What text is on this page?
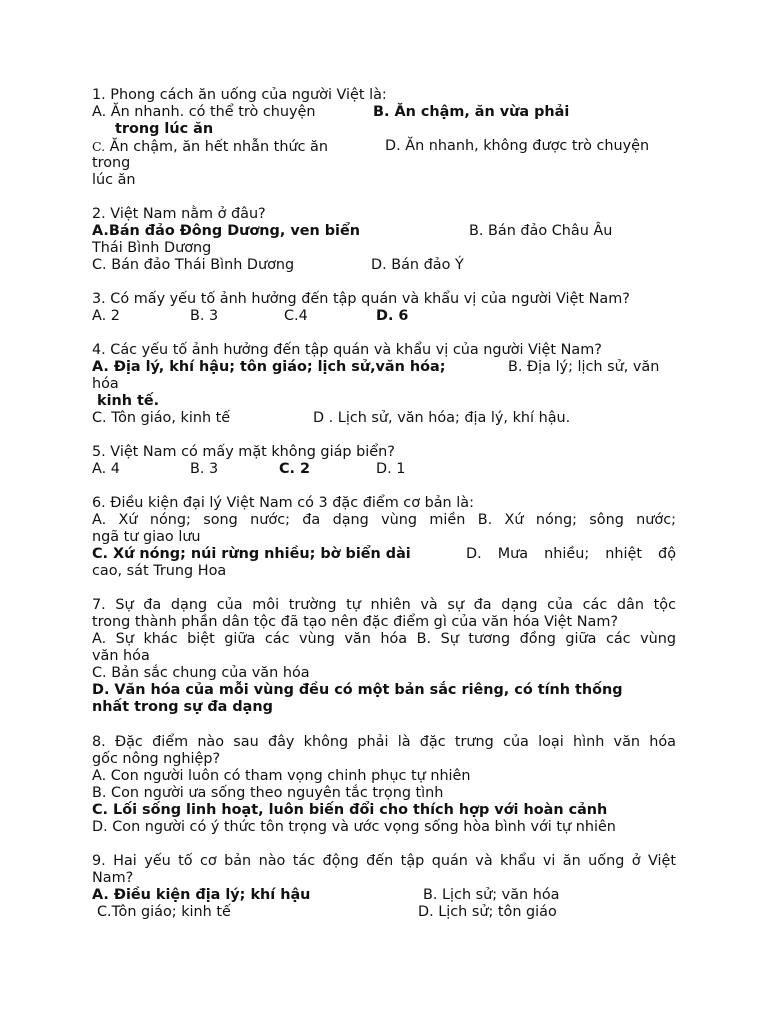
1. Phong cách ăn uống của người Việt là:
A. Ăn nhanh. có thể trò chuyện	B. Ăn chậm, ăn vừa phải
trong lúc ăn
C. Ăn chậm, ăn hết nhẫn thức ăn	D. Ăn nhanh, không được trò chuyện
trong
lúc ăn
2. Việt Nam nằm ở đâu?
A.Bán đảo Đông Dương, ven biển	B. Bán đảo Châu Âu
Thái Bình Dương
C. Bán đảo Thái Bình Dương	D. Bán đảo Ý
3. Có mấy yếu tố ảnh hưởng đến tập quán và khẩu vị của người Việt Nam?
A. 2	B. 3	C.4	D. 6
4. Các yếu tố ảnh hưởng đến tập quán và khẩu vị của người Việt Nam?
A. Địa lý, khí hậu; tôn giáo; lịch sử,văn hóa;	B. Địa lý; lịch sử, văn
hóa
kinh tế.
C. Tôn giáo, kinh tế	D . Lịch sử, văn hóa; địa lý, khí hậu.
5. Việt Nam có mấy mặt không giáp biển?
A. 4	B. 3	C. 2	D. 1
6. Điều kiện đại lý Việt Nam có 3 đặc điểm cơ bản là:
A. Xứ nóng; song nước; đa dạng vùng miền B. Xứ nóng; sông nước;
ngã tư giao lưu
C. Xứ nóng; núi rừng nhiều; bờ biển dài	D. Mưa nhiều; nhiệt độ
cao, sát Trung Hoa
7. Sự đa dạng của môi trường tự nhiên và sự đa dạng của các dân tộc
trong thành phần dân tộc đã tạo nên đặc điểm gì của văn hóa Việt Nam?
A. Sự khác biệt giữa các vùng văn hóa B. Sự tương đồng giữa các vùng
văn hóa
C. Bản sắc chung của văn hóa
D. Văn hóa của mỗi vùng đều có một bản sắc riêng, có tính thống
nhất trong sự đa dạng
8. Đặc điểm nào sau đây không phải là đặc trưng của loại hình văn hóa
gốc nông nghiệp?
A. Con người luôn có tham vọng chinh phục tự nhiên
B. Con người ưa sống theo nguyên tắc trọng tình
C. Lối sống linh hoạt, luôn biến đổi cho thích hợp với hoàn cảnh
D. Con người có ý thức tôn trọng và ước vọng sống hòa bình với tự nhiên
9. Hai yếu tố cơ bản nào tác động đến tập quán và khẩu vi ăn uống ở Việt
Nam?
A. Điều kiện địa lý; khí hậu	B. Lịch sử; văn hóa
C.Tôn giáo; kinh tế	D. Lịch sử; tôn giáo
